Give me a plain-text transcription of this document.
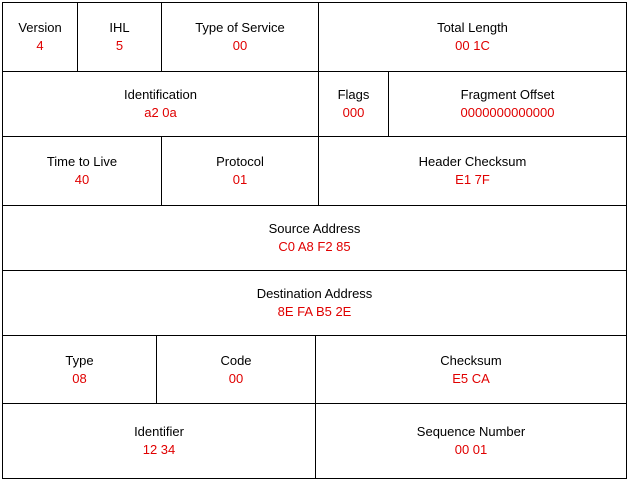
Version
4
IHL
5
Type of Service
00
Total Length
00 1C
Identification
a2 0a
Flags
000
Fragment Offset
0000000000000
Time to Live
40
Protocol
01
Header Checksum
E1 7F
Source Address
C0 A8 F2 85
Destination Address
8E FA B5 2E
Type
08
Code
00
Checksum
E5 CA
Identifier
12 34
Sequence Number
00 01
